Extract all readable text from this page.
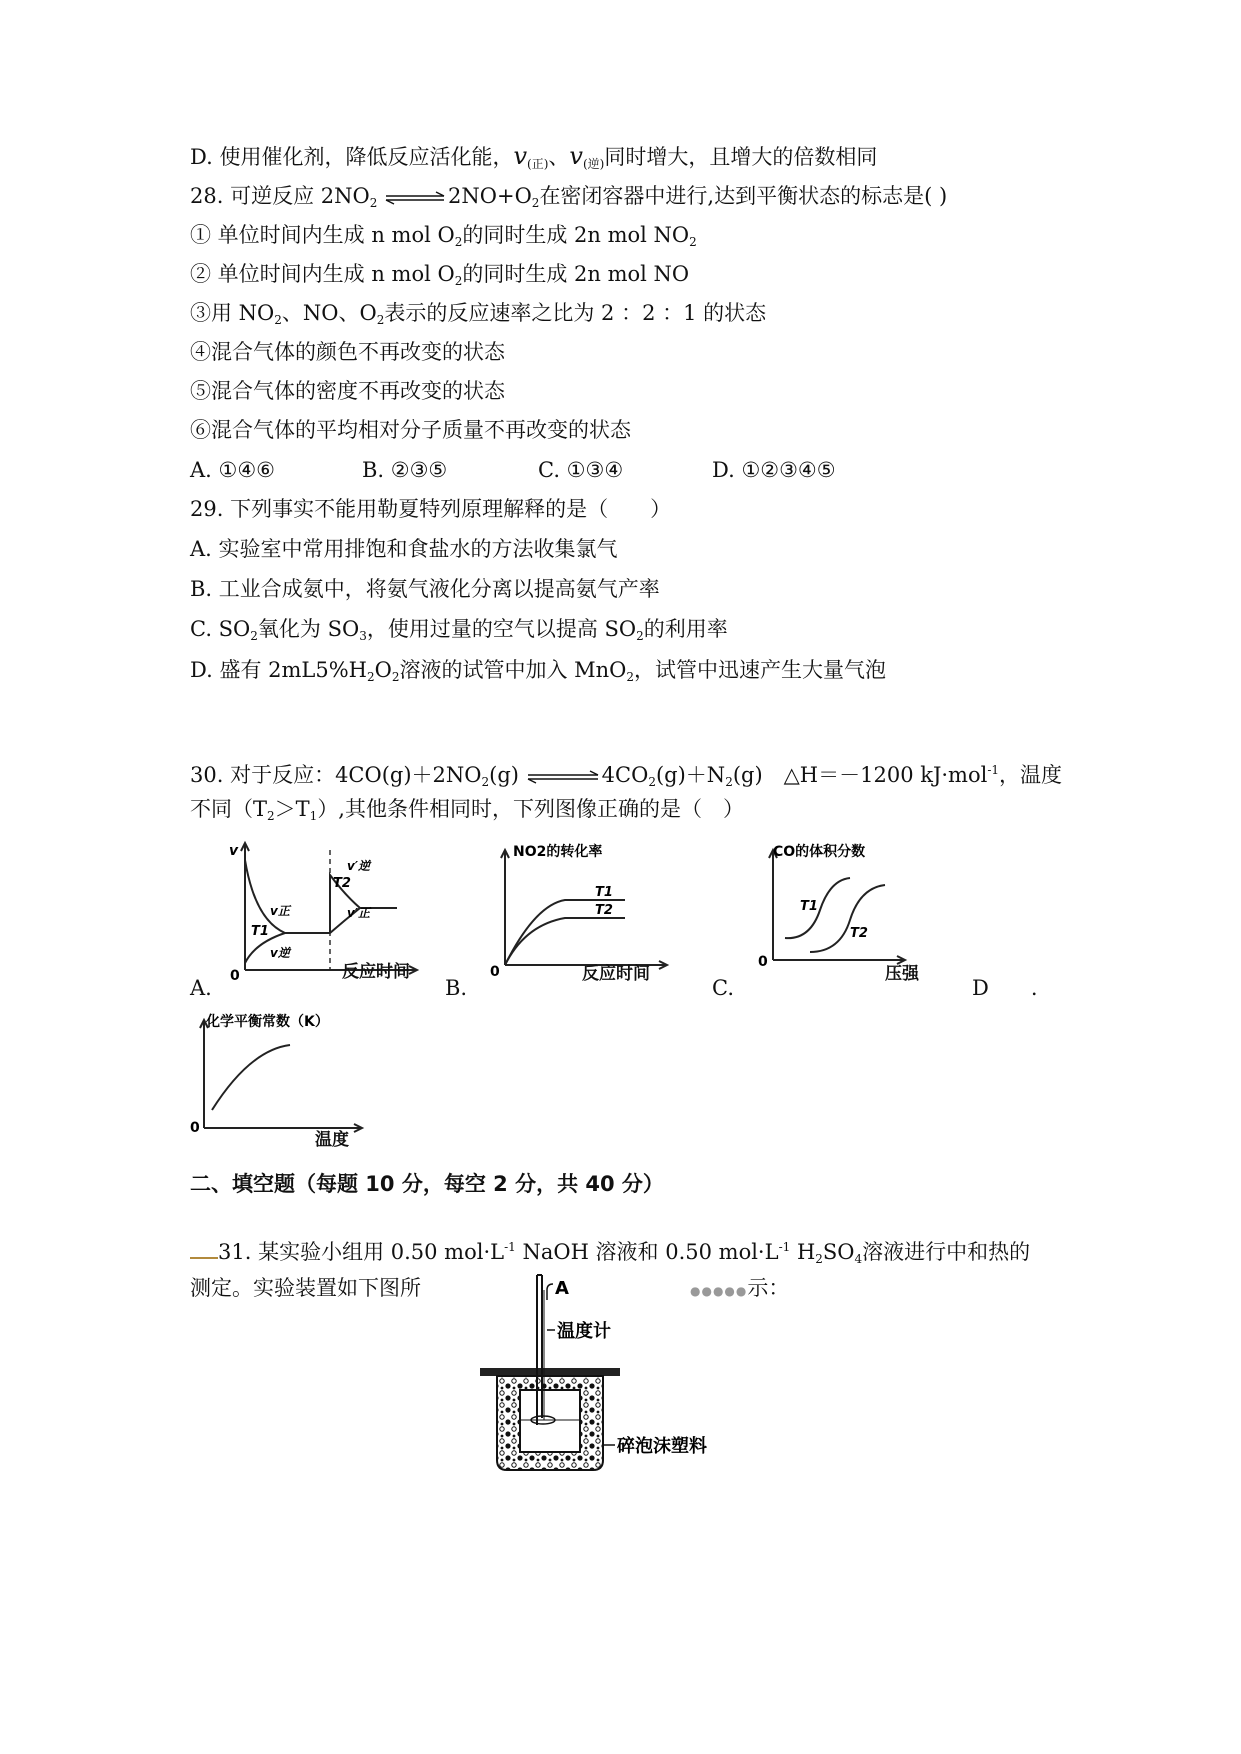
D. 使用催化剂，降低反应活化能，$v_{(正)}$、$v_{(逆)}$同时增大，且增大的倍数相同
28. 可逆反应 $2NO_2$ $\rightleftharpoons 2NO+O_2$在密闭容器中进行,达到平衡状态的标志是( )
① 单位时间内生成 n mol $O_2$的同时生成 2n mol $NO_2$
② 单位时间内生成 n mol $O_2$的同时生成 2n mol NO
③用 $NO_2$、NO、$O_2$表示的反应速率之比为 2 ：2 ：1 的状态
④混合气体的颜色不再改变的状态
⑤混合气体的密度不再改变的状态
⑥混合气体的平均相对分子质量不再改变的状态
A. ①④⑥	B. ②③⑤	C. ①③④	D. ①②③④⑤
29. 下列事实不能用勒夏特列原理解释的是（　　）
A. 实验室中常用排饱和食盐水的方法收集氯气
B. 工业合成氨中，将氨气液化分离以提高氨气产率
C. $SO_2$氧化为 $SO_3$，使用过量的空气以提高 $SO_2$的利用率
D. 盛有 $2mL5\%H_2O_2$溶液的试管中加入 MnO$_2$，试管中迅速产生大量气泡
30. 对于反应：$4CO(g)+2NO_2(g)$ $\rightleftharpoons 4CO_2(g)+N_2(g)$　△H＝－1200 kJ·mol$^{-1}$，温度
不同$(T_2>T_1)$,其他条件相同时，下列图像正确的是（　）
v
0
v正
T1
v逆
T2
v′逆
v′正
反应时间
A.
NO2的转化率
0
T1
T2
反应时间
B.
CO的体积分数
0
T1
T2
压强
C.	D　　.
化学平衡常数（K）
0
温度
二、填空题（每题 10 分，每空 2 分，共 40 分）
31. 某实验小组用 0.50 $mol\cdot L^{-1}$ NaOH 溶液和 0.50 $mol\cdot L^{-1}$ $H_2SO_4$溶液进行中和热的
测定。实验装置如下图所	●●●●●示：
A
温度计
碎泡沫塑料
